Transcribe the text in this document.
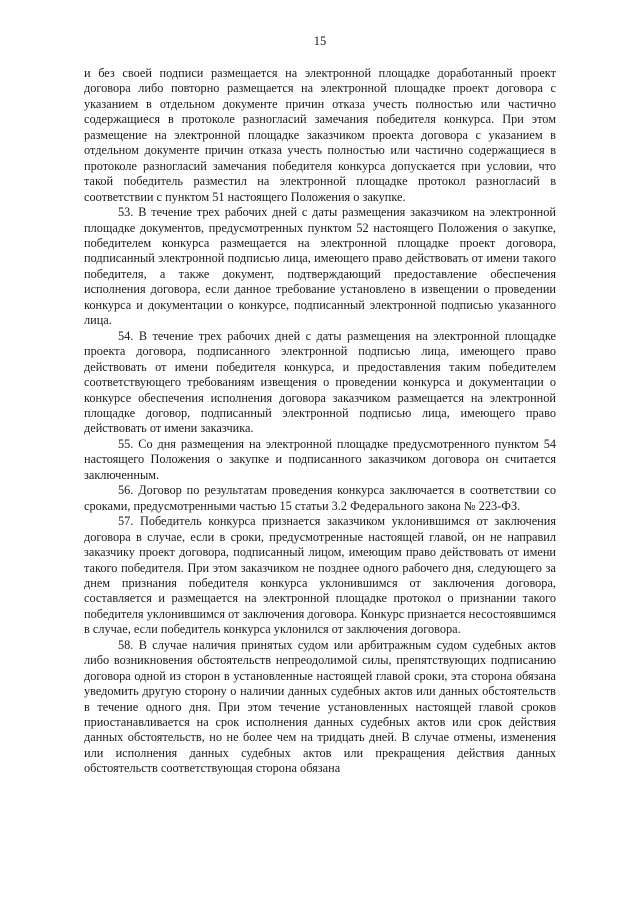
15

и без своей подписи размещается на электронной площадке доработанный проект договора либо повторно размещается на электронной площадке проект договора с указанием в отдельном документе причин отказа учесть полностью или частично содержащиеся в протоколе разногласий замечания победителя конкурса. При этом размещение на электронной площадке заказчиком проекта договора с указанием в отдельном документе причин отказа учесть полностью или частично содержащиеся в протоколе разногласий замечания победителя конкурса допускается при условии, что такой победитель разместил на электронной площадке протокол разногласий в соответствии с пунктом 51 настоящего Положения о закупке.

53. В течение трех рабочих дней с даты размещения заказчиком на электронной площадке документов, предусмотренных пунктом 52 настоящего Положения о закупке, победителем конкурса размещается на электронной площадке проект договора, подписанный электронной подписью лица, имеющего право действовать от имени такого победителя, а также документ, подтверждающий предоставление обеспечения исполнения договора, если данное требование установлено в извещении о проведении конкурса и документации о конкурсе, подписанный электронной подписью указанного лица.

54. В течение трех рабочих дней с даты размещения на электронной площадке проекта договора, подписанного электронной подписью лица, имеющего право действовать от имени победителя конкурса, и предоставления таким победителем соответствующего требованиям извещения о проведении конкурса и документации о конкурсе обеспечения исполнения договора заказчиком размещается на электронной площадке договор, подписанный электронной подписью лица, имеющего право действовать от имени заказчика.

55. Со дня размещения на электронной площадке предусмотренного пунктом 54 настоящего Положения о закупке и подписанного заказчиком договора он считается заключенным.

56. Договор по результатам проведения конкурса заключается в соответствии со сроками, предусмотренными частью 15 статьи 3.2 Федерального закона № 223-ФЗ.

57. Победитель конкурса признается заказчиком уклонившимся от заключения договора в случае, если в сроки, предусмотренные настоящей главой, он не направил заказчику проект договора, подписанный лицом, имеющим право действовать от имени такого победителя. При этом заказчиком не позднее одного рабочего дня, следующего за днем признания победителя конкурса уклонившимся от заключения договора, составляется и размещается на электронной площадке протокол о признании такого победителя уклонившимся от заключения договора. Конкурс признается несостоявшимся в случае, если победитель конкурса уклонился от заключения договора.

58. В случае наличия принятых судом или арбитражным судом судебных актов либо возникновения обстоятельств непреодолимой силы, препятствующих подписанию договора одной из сторон в установленные настоящей главой сроки, эта сторона обязана уведомить другую сторону о наличии данных судебных актов или данных обстоятельств в течение одного дня. При этом течение установленных настоящей главой сроков приостанавливается на срок исполнения данных судебных актов или срок действия данных обстоятельств, но не более чем на тридцать дней. В случае отмены, изменения или исполнения данных судебных актов или прекращения действия данных обстоятельств соответствующая сторона обязана
